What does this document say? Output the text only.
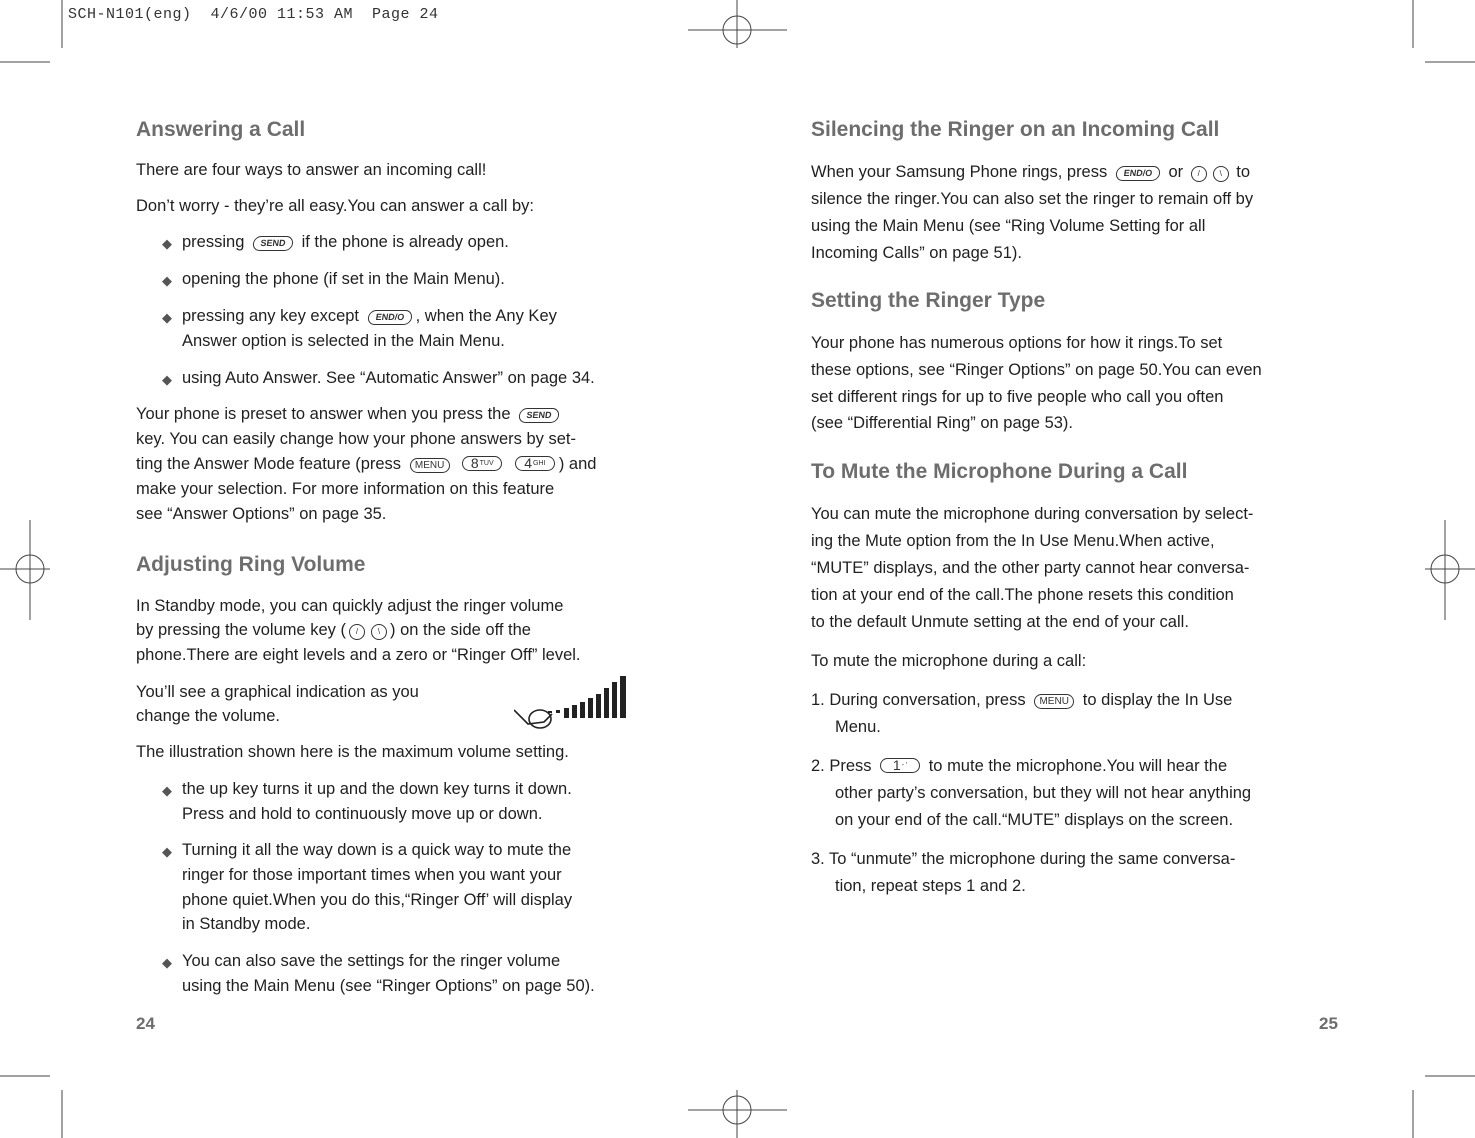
SCH-N101(eng)  4/6/00 11:53 AM  Page 24
Answering a Call
There are four ways to answer an incoming call!
Don’t worry - they’re all easy.You can answer a call by:
◆ pressing SEND if the phone is already open.
◆ opening the phone (if set in the Main Menu).
◆ pressing any key except END/O , when the Any Key
Answer option is selected in the Main Menu.
◆ using Auto Answer. See “Automatic Answer” on page 34.
Your phone is preset to answer when you press the SEND
key. You can easily change how your phone answers by set-
ting the Answer Mode feature (press MENU 8 TUV
4 GHI ) and
make your selection. For more information on this feature
see “Answer Options” on page 35.
Adjusting Ring Volume
In Standby mode, you can quickly adjust the ringer volume
by pressing the volume key ( / \ ) on the side off the
phone.There are eight levels and a zero or “Ringer Off” level.
You’ll see a graphical indication as you
change the volume.
The illustration shown here is the maximum volume setting.
◆ the up key turns it up and the down key turns it down.
Press and hold to continuously move up or down.
◆ Turning it all the way down is a quick way to mute the
ringer for those important times when you want your
phone quiet.When you do this,“Ringer Off’ will display
in Standby mode.
◆ You can also save the settings for the ringer volume
using the Main Menu (see “Ringer Options” on page 50).
24
Silencing the Ringer on an Incoming Call
When your Samsung Phone rings, press END/O or / \ to
silence the ringer.You can also set the ringer to remain off by
using the Main Menu (see “Ring Volume Setting for all
Incoming Calls” on page 51).
Setting the Ringer Type
Your phone has numerous options for how it rings.To set
these options, see “Ringer Options” on page 50.You can even
set different rings for up to five people who call you often
(see “Differential Ring” on page 53).
To Mute the Microphone During a Call
You can mute the microphone during conversation by select-
ing the Mute option from the In Use Menu.When active,
“MUTE” displays, and the other party cannot hear conversa-
tion at your end of the call.The phone resets this condition
to the default Unmute setting at the end of your call.
To mute the microphone during a call:
1. During conversation, press MENU to display the In Use
Menu.
2. Press 1 - ' to mute the microphone.You will hear the
other party’s conversation, but they will not hear anything
on your end of the call.“MUTE” displays on the screen.
3. To “unmute” the microphone during the same conversa-
tion, repeat steps 1 and 2.
25
